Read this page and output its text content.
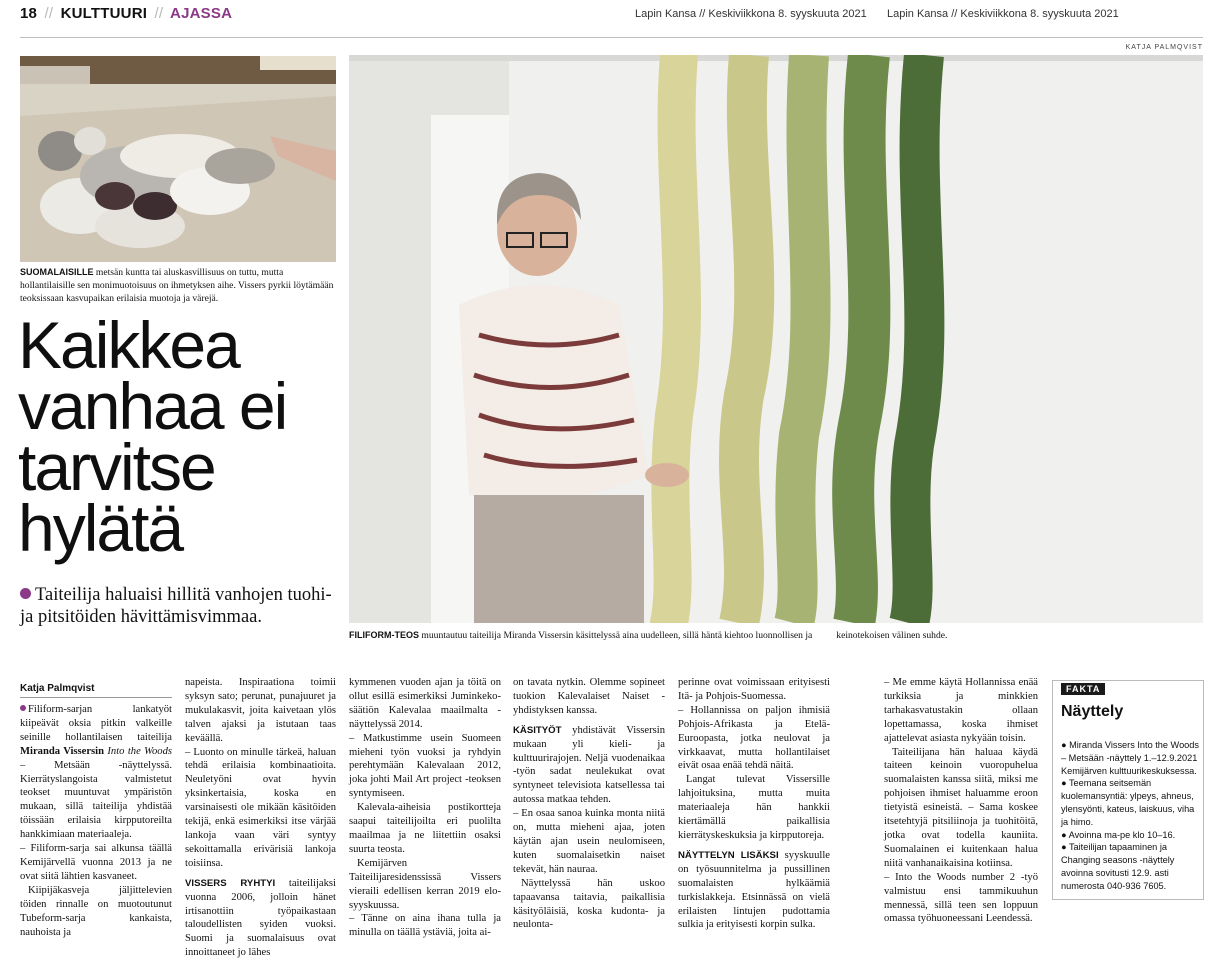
18 // KULTTUURI // AJASSA	Lapin Kansa // Keskiviikkona 8. syyskuuta 2021 Lapin Kansa // Keskiviikkona 8. syyskuuta 2021
KATJA PALMQVIST
SUOMALAISILLE metsän kuntta tai aluskasvillisuus on tuttu, mutta hollantilaisille sen monimuotoisuus on ihmetyksen aihe. Vissers pyrkii löytämään teoksissaan kasvupaikan erilaisia muotoja ja värejä.
FILIFORM-TEOS muuntautuu taiteilija Miranda Vissersin käsittelyssä aina uudelleen, sillä häntä kiehtoo luonnollisen ja          keinotekoisen välinen suhde.
Kaikkea
vanhaa ei
tarvitse
hylätä
Taiteilija haluaisi hillitä vanhojen tuohi- ja pitsitöiden hävittämisvimmaa.
Katja Palmqvist

Filiform-sarjan lankatyöt kiipeävät oksia pitkin valkeille seinille hollantilaisen taiteilija Miranda Vissersin Into the Woods – Metsään -näyttelyssä. Kierrätyslangoista valmistetut teokset muuntuvat ympäristön mukaan, sillä taiteilija yhdistää töissään erilaisia kirpputoreilta hankkimiaan materiaaleja.

– Filiform-sarja sai alkunsa täällä Kemijärvellä vuonna 2013 ja ne ovat siitä lähtien kasvaneet.

Kiipijäkasveja jäljittelevien töiden rinnalle on muotoutunut Tubeform-sarja kankaista, nauhoista ja

napeista. Inspiraationa toimii syksyn sato; perunat, punajuuret ja mukulakasvit, joita kaivetaan ylös talven ajaksi ja istutaan taas keväällä.

– Luonto on minulle tärkeä, haluan tehdä erilaisia kombinaatioita. Neuletyöni ovat hyvin yksinkertaisia, koska en varsinaisesti ole mikään käsitöiden tekijä, enkä esimerkiksi itse värjää lankoja vaan väri syntyy sekoittamalla erivärisiä lankoja toisiinsa.

VISSERS RYHTYI taiteilijaksi vuonna 2006, jolloin hänet irtisanottiin työpaikastaan taloudellisten syiden vuoksi. Suomi ja suomalaisuus ovat innoittaneet jo lähes

kymmenen vuoden ajan ja töitä on ollut esillä esimerkiksi Juminkeko-säätiön Kalevalaa maailmalta -näyttelyssä 2014.

– Matkustimme usein Suomeen mieheni työn vuoksi ja ryhdyin perehtymään Kalevalaan 2012, joka johti Mail Art project -teoksen syntymiseen.

Kalevala-aiheisia postikortteja saapui taiteilijoilta eri puolilta maailmaa ja ne liitettiin osaksi suurta teosta.

Kemijärven Taiteilijaresidenssissä Vissers vieraili edellisen kerran 2019 elo-syyskuussa.

– Tänne on aina ihana tulla ja minulla on täällä ystäviä, joita ai-

on tavata nytkin. Olemme sopineet tuokion Kalevalaiset Naiset -yhdistyksen kanssa.

KÄSITYÖT yhdistävät Vissersin mukaan yli kieli- ja kulttuurirajojen. Neljä vuodenaikaa -työn sadat neulekukat ovat syntyneet televisiota katsellessa tai autossa matkaa tehden.

– En osaa sanoa kuinka monta niitä on, mutta mieheni ajaa, joten käytän ajan usein neulomiseen, kuten suomalaisetkin naiset tekevät, hän nauraa.

Näyttelyssä hän uskoo tapaavansa taitavia, paikallisia käsityöläisiä, koska kudonta- ja neulonta-

perinne ovat voimissaan erityisesti Itä- ja Pohjois-Suomessa.

– Hollannissa on paljon ihmisiä Pohjois-Afrikasta ja Etelä-Euroopasta, jotka neulovat ja virkkaavat, mutta hollantilaiset eivät osaa enää tehdä näitä.

Langat tulevat Vissersille lahjoituksina, mutta muita materiaaleja hän hankkii kiertämällä paikallisia kierrätyskeskuksia ja kirpputoreja.

NÄYTTELYN LISÄKSI syyskuulle on työsuunnitelma ja pussillinen suomalaisten hylkäämiä turkislakkeja. Etsinnässä on vielä erilaisten lintujen pudottamia sulkia ja erityisesti korpin sulka.

– Me emme käytä Hollannissa enää turkiksia ja minkkien tarhakasvatustakin ollaan lopettamassa, koska ihmiset ajattelevat asiasta nykyään toisin.

Taiteilijana hän haluaa käydä taiteen keinoin vuoropuhelua suomalaisten kanssa siitä, miksi me pohjoisen ihmiset haluamme eroon tietyistä esineistä. – Sama koskee itsetehtyjä pitsiliinoja ja tuohitöitä, jotka ovat todella kauniita. Suomalainen ei kuitenkaan halua niitä vanhanaikaisina kotiinsa.

– Into the Woods number 2 -työ valmistuu ensi tammikuuhun mennessä, sillä teen sen loppuun omassa työhuoneessani Leendessä.

FAKTA
Näyttely
● Miranda Vissers Into the Woods – Metsään -näyttely 1.–12.9.2021 Kemijärven kulttuurikeskuksessa.
● Teemana seitsemän kuolemansyntiä: ylpeys, ahneus, ylensyönti, kateus, laiskuus, viha ja himo.
● Avoinna ma-pe klo 10–16.
● Taiteilijan tapaaminen ja Changing seasons -näyttely avoinna sovitusti 12.9. asti numerosta 040-936 7605.
